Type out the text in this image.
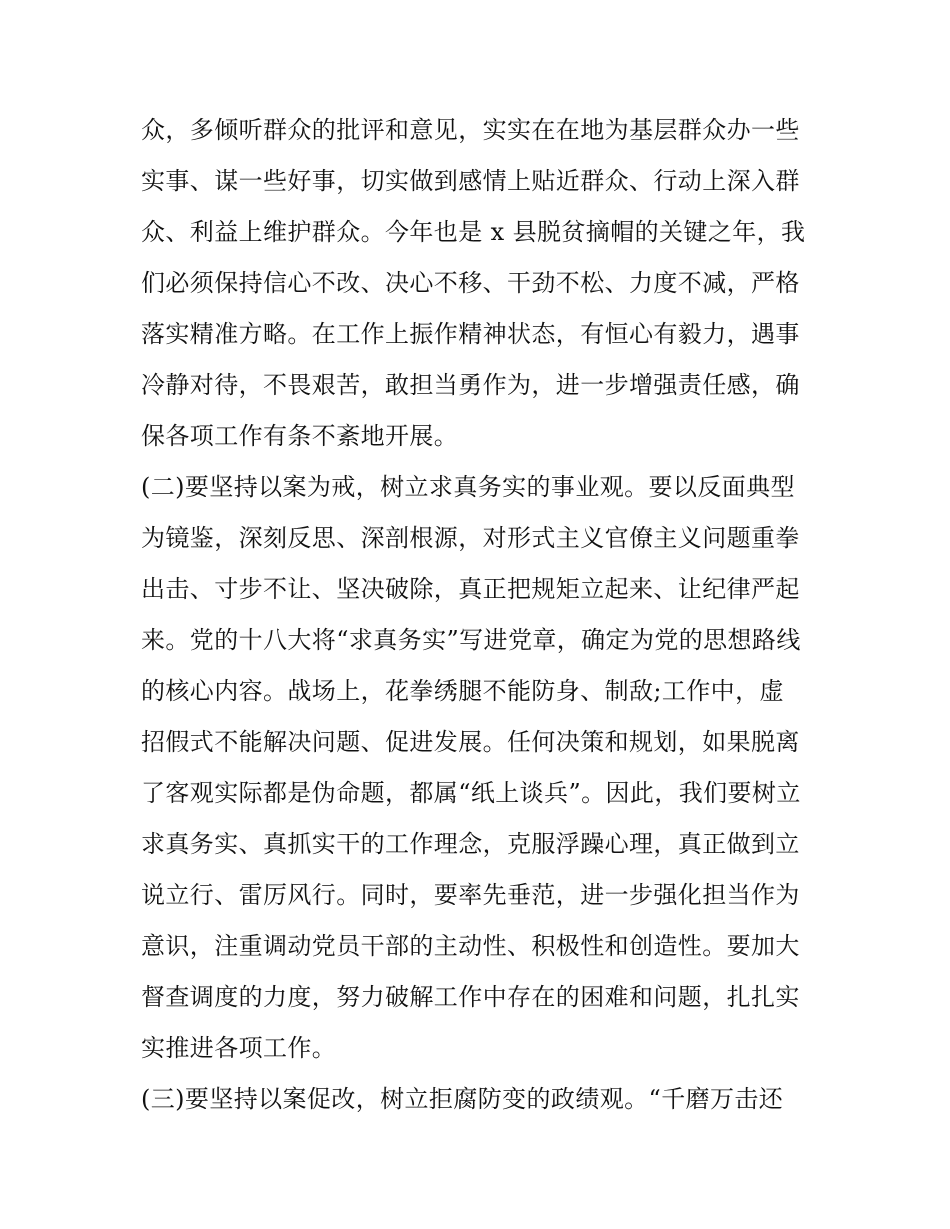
众，多倾听群众的批评和意见，实实在在地为基层群众办一些
实事、谋一些好事，切实做到感情上贴近群众、行动上深入群
众、利益上维护群众。今年也是 x 县脱贫摘帽的关键之年，我
们必须保持信心不改、决心不移、干劲不松、力度不减，严格
落实精准方略。在工作上振作精神状态，有恒心有毅力，遇事
冷静对待，不畏艰苦，敢担当勇作为，进一步增强责任感，确
保各项工作有条不紊地开展。
(二)要坚持以案为戒，树立求真务实的事业观。要以反面典型
为镜鉴，深刻反思、深剖根源，对形式主义官僚主义问题重拳
出击、寸步不让、坚决破除，真正把规矩立起来、让纪律严起
来。党的十八大将“求真务实”写进党章，确定为党的思想路线
的核心内容。战场上，花拳绣腿不能防身、制敌;工作中，虚
招假式不能解决问题、促进发展。任何决策和规划，如果脱离
了客观实际都是伪命题，都属“纸上谈兵”。因此，我们要树立
求真务实、真抓实干的工作理念，克服浮躁心理，真正做到立
说立行、雷厉风行。同时，要率先垂范，进一步强化担当作为
意识，注重调动党员干部的主动性、积极性和创造性。要加大
督查调度的力度，努力破解工作中存在的困难和问题，扎扎实
实推进各项工作。
(三)要坚持以案促改，树立拒腐防变的政绩观。“千磨万击还
